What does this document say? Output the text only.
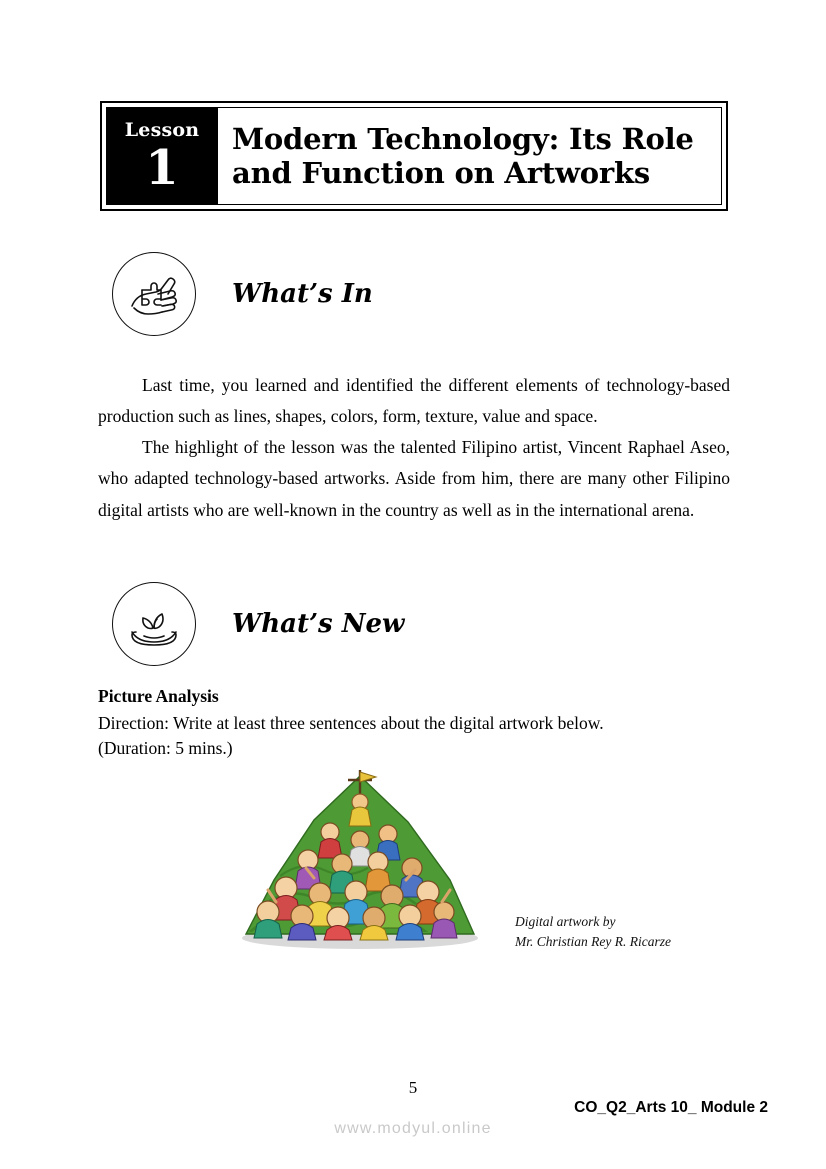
Lesson
1
Modern Technology: Its Role and Function on Artworks
What’s In

Last time, you learned and identified the different elements of technology-based production such as lines, shapes, colors, form, texture, value and space.

The highlight of the lesson was the talented Filipino artist, Vincent Raphael Aseo, who adapted technology-based artworks. Aside from him, there are many other Filipino digital artists who are well-known in the country as well as in the international arena.

What’s New
Picture Analysis
Direction: Write at least three sentences about the digital artwork below.
(Duration: 5 mins.)
Digital artwork by
Mr. Christian Rey R. Ricarze
5
CO_Q2_Arts 10_ Module 2
www.modyul.online
